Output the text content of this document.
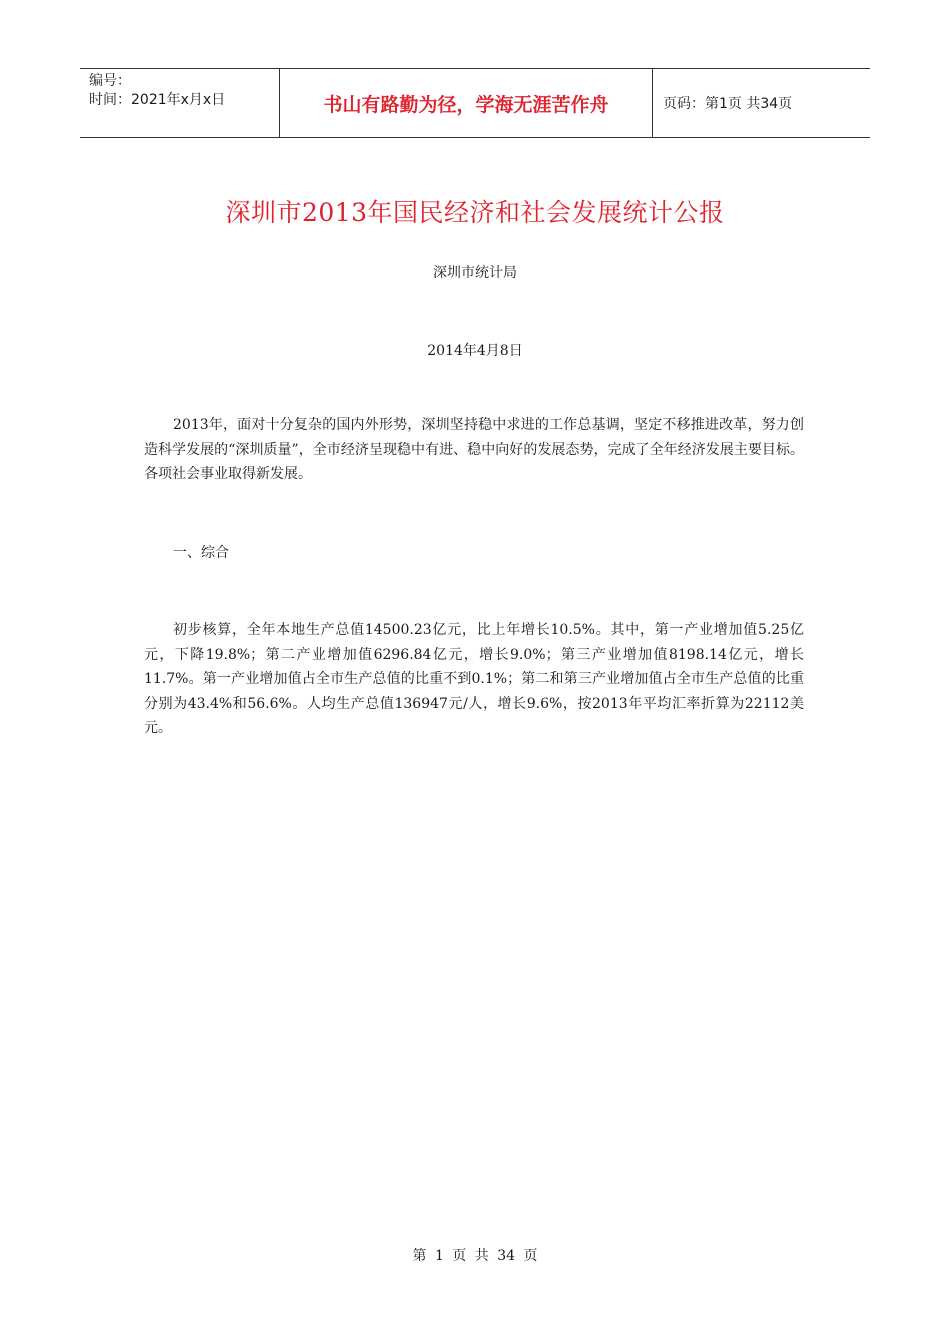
编号：
时间：2021年x月x日	书山有路勤为径，学海无涯苦作舟	页码：第1页 共34页
深圳市2013年国民经济和社会发展统计公报
深圳市统计局
2014年4月8日

2013年，面对十分复杂的国内外形势，深圳坚持稳中求进的工作总基调，坚定不移推进改革，努力创造科学发展的“深圳质量”，全市经济呈现稳中有进、稳中向好的发展态势，完成了全年经济发展主要目标。各项社会事业取得新发展。

一、综合

初步核算，全年本地生产总值14500.23亿元，比上年增长10.5%。其中，第一产业增加值5.25亿元，下降19.8%；第二产业增加值6296.84亿元，增长9.0%；第三产业增加值8198.14亿元，增长11.7%。第一产业增加值占全市生产总值的比重不到0.1%；第二和第三产业增加值占全市生产总值的比重分别为43.4%和56.6%。人均生产总值136947元/人，增长9.6%，按2013年平均汇率折算为22112美元。

第 1 页 共 34 页
